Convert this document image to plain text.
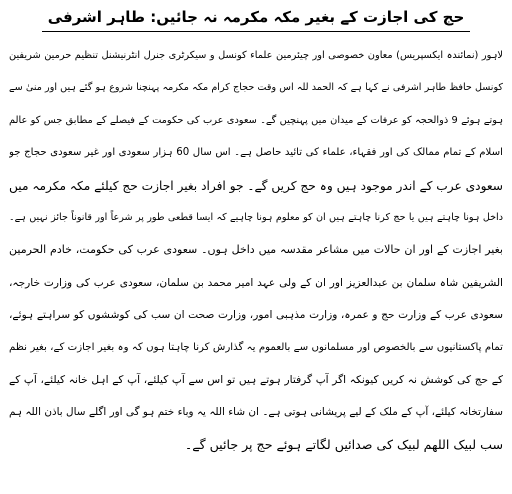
حج کی اجازت کے بغیر مکہ مکرمہ نہ جائیں: طاہر اشرفی
لاہور (نمائندہ ایکسپریس) معاون خصوصی اور چیئرمین علماء کونسل و سیکرٹری جنرل انٹرنیشنل تنظیم حرمین شریفین
کونسل حافظ طاہر اشرفی نے کہا ہے کہ الحمد للہ اس وقت حجاج کرام مکہ مکرمہ پہنچنا شروع ہو گئے ہیں اور منیٰ سے
ہوتے ہوئے 9 ذوالحجہ کو عرفات کے میدان میں پہنچیں گے۔ سعودی عرب کی حکومت کے فیصلے کے مطابق جس کو عالم
اسلام کے تمام ممالک کی اور فقہاء، علماء کی تائید حاصل ہے۔ اس سال 60 ہزار سعودی اور غیر سعودی حجاج جو
سعودی عرب کے اندر موجود ہیں وہ حج کریں گے۔ جو افراد بغیر اجازت حج کیلئے مکہ مکرمہ میں
داخل ہونا چاہتے ہیں یا حج کرنا چاہتے ہیں ان کو معلوم ہونا چاہیے کہ ایسا قطعی طور پر شرعاً اور قانوناً جائز نہیں ہے۔
بغیر اجازت کے اور ان حالات میں مشاعر مقدسہ میں داخل ہوں۔ سعودی عرب کی حکومت، خادم الحرمین
الشریفین شاہ سلمان بن عبدالعزیز اور ان کے ولی عہد امیر محمد بن سلمان، سعودی عرب کی وزارت خارجہ،
سعودی عرب کے وزارت حج و عمرہ، وزارت مذہبی امور، وزارت صحت ان سب کی کوششوں کو سراہتے ہوئے،
تمام پاکستانیوں سے بالخصوص اور مسلمانوں سے بالعموم یہ گذارش کرنا چاہتا ہوں کہ وہ بغیر اجازت کے، بغیر نظم
کے حج کی کوشش نہ کریں کیونکہ اگر آپ گرفتار ہوتے ہیں تو اس سے آپ کیلئے، آپ کے اہل خانہ کیلئے، آپ کے
سفارتخانہ کیلئے، آپ کے ملک کے لیے پریشانی ہوتی ہے۔ ان شاء اللہ یہ وباء ختم ہو گی اور اگلے سال باذن اللہ ہم
سب لبیک اللھم لبیک کی صدائیں لگاتے ہوئے حج پر جائیں گے۔
